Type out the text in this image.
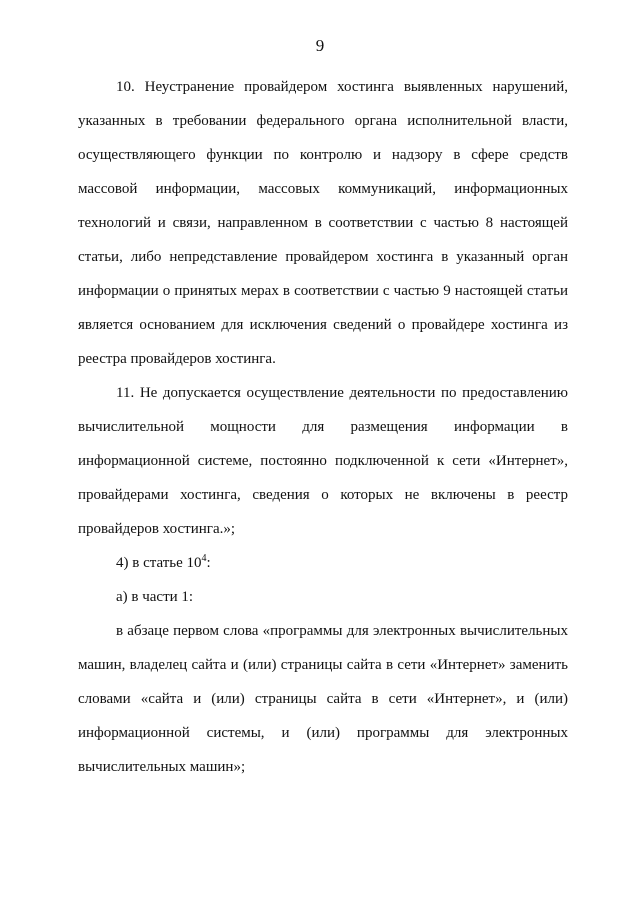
9

10. Неустранение провайдером хостинга выявленных нарушений, указанных в требовании федерального органа исполнительной власти, осуществляющего функции по контролю и надзору в сфере средств массовой информации, массовых коммуникаций, информационных технологий и связи, направленном в соответствии с частью 8 настоящей статьи, либо непредставление провайдером хостинга в указанный орган информации о принятых мерах в соответствии с частью 9 настоящей статьи является основанием для исключения сведений о провайдере хостинга из реестра провайдеров хостинга.

11. Не допускается осуществление деятельности по предоставлению вычислительной мощности для размещения информации в информационной системе, постоянно подключенной к сети «Интернет», провайдерами хостинга, сведения о которых не включены в реестр провайдеров хостинга.»;

4) в статье $10^4$:

а) в части 1:

в абзаце первом слова «программы для электронных вычислительных машин, владелец сайта и (или) страницы сайта в сети «Интернет» заменить словами «сайта и (или) страницы сайта в сети «Интернет», и (или) информационной системы, и (или) программы для электронных вычислительных машин»;
